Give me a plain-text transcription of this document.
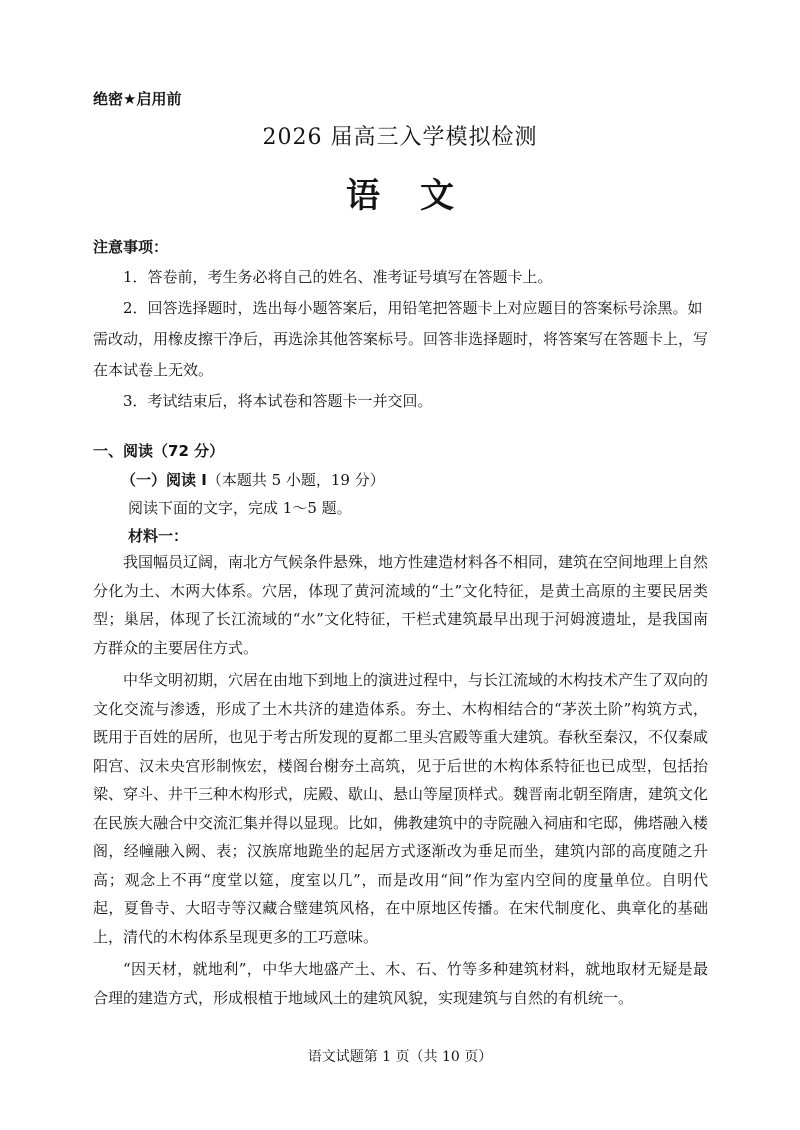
绝密★启用前
2026 届高三入学模拟检测
语文
注意事项：

1．答卷前，考生务必将自己的姓名、准考证号填写在答题卡上。

2．回答选择题时，选出每小题答案后，用铅笔把答题卡上对应题目的答案标号涂黑。如需改动，用橡皮擦干净后，再选涂其他答案标号。回答非选择题时，将答案写在答题卡上，写在本试卷上无效。

3．考试结束后，将本试卷和答题卡一并交回。

一、阅读（72 分）
（一）阅读 I（本题共 5 小题，19 分）
阅读下面的文字，完成 1～5 题。
材料一：

我国幅员辽阔，南北方气候条件悬殊，地方性建造材料各不相同，建筑在空间地理上自然分化为土、木两大体系。穴居，体现了黄河流域的“土”文化特征，是黄土高原的主要民居类型；巢居，体现了长江流域的“水”文化特征，干栏式建筑最早出现于河姆渡遗址，是我国南方群众的主要居住方式。

中华文明初期，穴居在由地下到地上的演进过程中，与长江流域的木构技术产生了双向的文化交流与渗透，形成了土木共济的建造体系。夯土、木构相结合的“茅茨土阶”构筑方式，既用于百姓的居所，也见于考古所发现的夏都二里头宫殿等重大建筑。春秋至秦汉，不仅秦咸阳宫、汉未央宫形制恢宏，楼阁台榭夯土高筑，见于后世的木构体系特征也已成型，包括抬梁、穿斗、井干三种木构形式，庑殿、歇山、悬山等屋顶样式。魏晋南北朝至隋唐，建筑文化在民族大融合中交流汇集并得以显现。比如，佛教建筑中的寺院融入祠庙和宅邸，佛塔融入楼阁，经幢融入阙、表；汉族席地跪坐的起居方式逐渐改为垂足而坐，建筑内部的高度随之升高；观念上不再“度堂以筵，度室以几”，而是改用“间”作为室内空间的度量单位。自明代起，夏鲁寺、大昭寺等汉藏合璧建筑风格，在中原地区传播。在宋代制度化、典章化的基础上，清代的木构体系呈现更多的工巧意味。

“因天材，就地利”，中华大地盛产土、木、石、竹等多种建筑材料，就地取材无疑是最合理的建造方式，形成根植于地域风土的建筑风貌，实现建筑与自然的有机统一。

语文试题第 1 页（共 10 页）
